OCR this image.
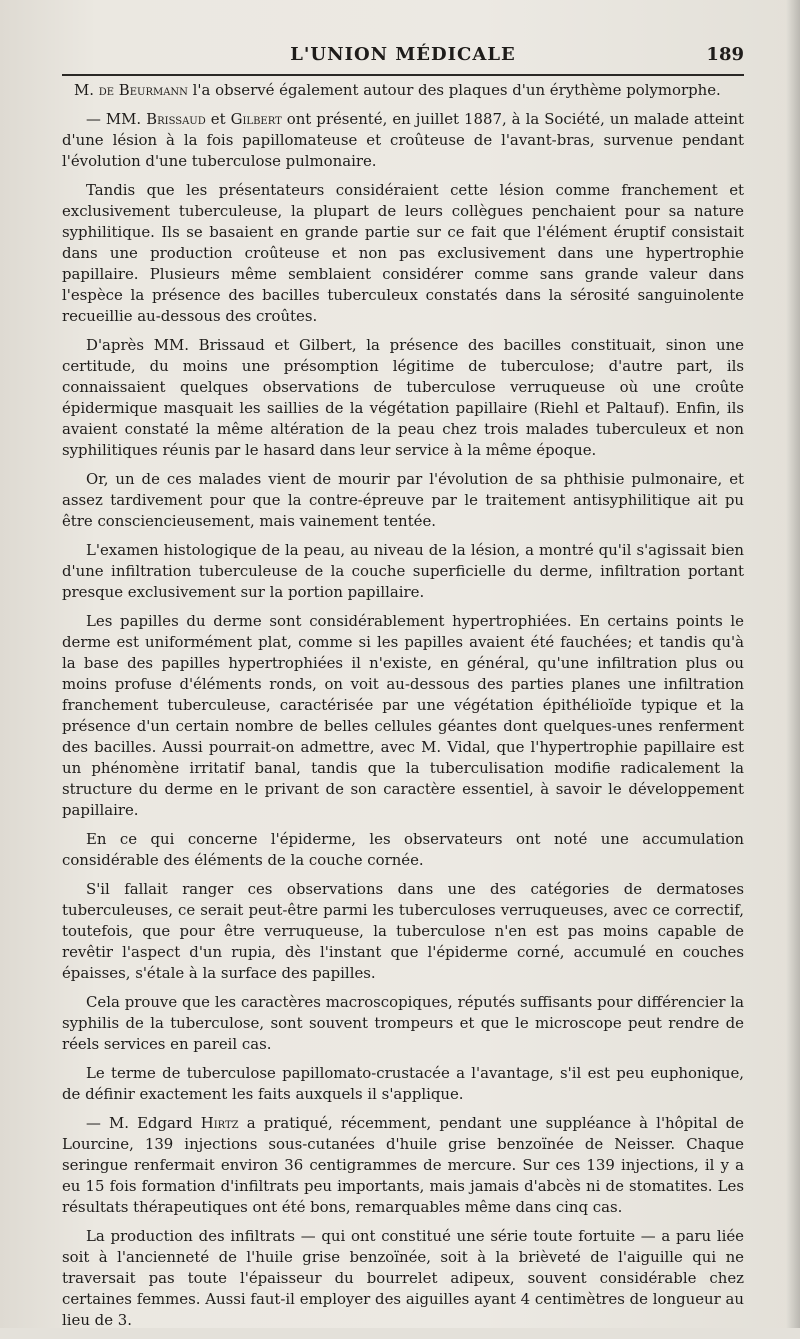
L'UNION MÉDICALE	189

M. de Beurmann l'a observé également autour des plaques d'un érythème polymorphe.

— MM. Brissaud et Gilbert ont présenté, en juillet 1887, à la Société, un malade atteint d'une lésion à la fois papillomateuse et croûteuse de l'avant-bras, survenue pendant l'évolution d'une tuberculose pulmonaire.

Tandis que les présentateurs considéraient cette lésion comme franchement et exclusivement tuberculeuse, la plupart de leurs collègues penchaient pour sa nature syphilitique. Ils se basaient en grande partie sur ce fait que l'élément éruptif consistait dans une production croûteuse et non pas exclusivement dans une hypertrophie papillaire. Plusieurs même semblaient considérer comme sans grande valeur dans l'espèce la présence des bacilles tuberculeux constatés dans la sérosité sanguinolente recueillie au-dessous des croûtes.

D'après MM. Brissaud et Gilbert, la présence des bacilles constituait, sinon une certitude, du moins une présomption légitime de tuberculose; d'autre part, ils connaissaient quelques observations de tuberculose verruqueuse où une croûte épidermique masquait les saillies de la végétation papillaire (Riehl et Paltauf). Enfin, ils avaient constaté la même altération de la peau chez trois malades tuberculeux et non syphilitiques réunis par le hasard dans leur service à la même époque.

Or, un de ces malades vient de mourir par l'évolution de sa phthisie pulmonaire, et assez tardivement pour que la contre-épreuve par le traitement antisyphilitique ait pu être consciencieusement, mais vainement tentée.

L'examen histologique de la peau, au niveau de la lésion, a montré qu'il s'agissait bien d'une infiltration tuberculeuse de la couche superficielle du derme, infiltration portant presque exclusivement sur la portion papillaire.

Les papilles du derme sont considérablement hypertrophiées. En certains points le derme est uniformément plat, comme si les papilles avaient été fauchées; et tandis qu'à la base des papilles hypertrophiées il n'existe, en général, qu'une infiltration plus ou moins profuse d'éléments ronds, on voit au-dessous des parties planes une infiltration franchement tuberculeuse, caractérisée par une végétation épithélioïde typique et la présence d'un certain nombre de belles cellules géantes dont quelques-unes renferment des bacilles. Aussi pourrait-on admettre, avec M. Vidal, que l'hypertrophie papillaire est un phénomène irritatif banal, tandis que la tuberculisation modifie radicalement la structure du derme en le privant de son caractère essentiel, à savoir le développement papillaire.

En ce qui concerne l'épiderme, les observateurs ont noté une accumulation considérable des éléments de la couche cornée.

S'il fallait ranger ces observations dans une des catégories de dermatoses tuberculeuses, ce serait peut-être parmi les tuberculoses verruqueuses, avec ce correctif, toutefois, que pour être verruqueuse, la tuberculose n'en est pas moins capable de revêtir l'aspect d'un rupia, dès l'instant que l'épiderme corné, accumulé en couches épaisses, s'étale à la surface des papilles.

Cela prouve que les caractères macroscopiques, réputés suffisants pour différencier la syphilis de la tuberculose, sont souvent trompeurs et que le microscope peut rendre de réels services en pareil cas.

Le terme de tuberculose papillomato-crustacée a l'avantage, s'il est peu euphonique, de définir exactement les faits auxquels il s'applique.

— M. Edgard Hirtz a pratiqué, récemment, pendant une suppléance à l'hôpital de Lourcine, 139 injections sous-cutanées d'huile grise benzoïnée de Neisser. Chaque seringue renfermait environ 36 centigrammes de mercure. Sur ces 139 injections, il y a eu 15 fois formation d'infiltrats peu importants, mais jamais d'abcès ni de stomatites. Les résultats thérapeutiques ont été bons, remarquables même dans cinq cas.

La production des infiltrats — qui ont constitué une série toute fortuite — a paru liée soit à l'ancienneté de l'huile grise benzoïnée, soit à la brièveté de l'aiguille qui ne traversait pas toute l'épaisseur du bourrelet adipeux, souvent considérable chez certaines femmes. Aussi faut-il employer des aiguilles ayant 4 centimètres de longueur au lieu de 3.
